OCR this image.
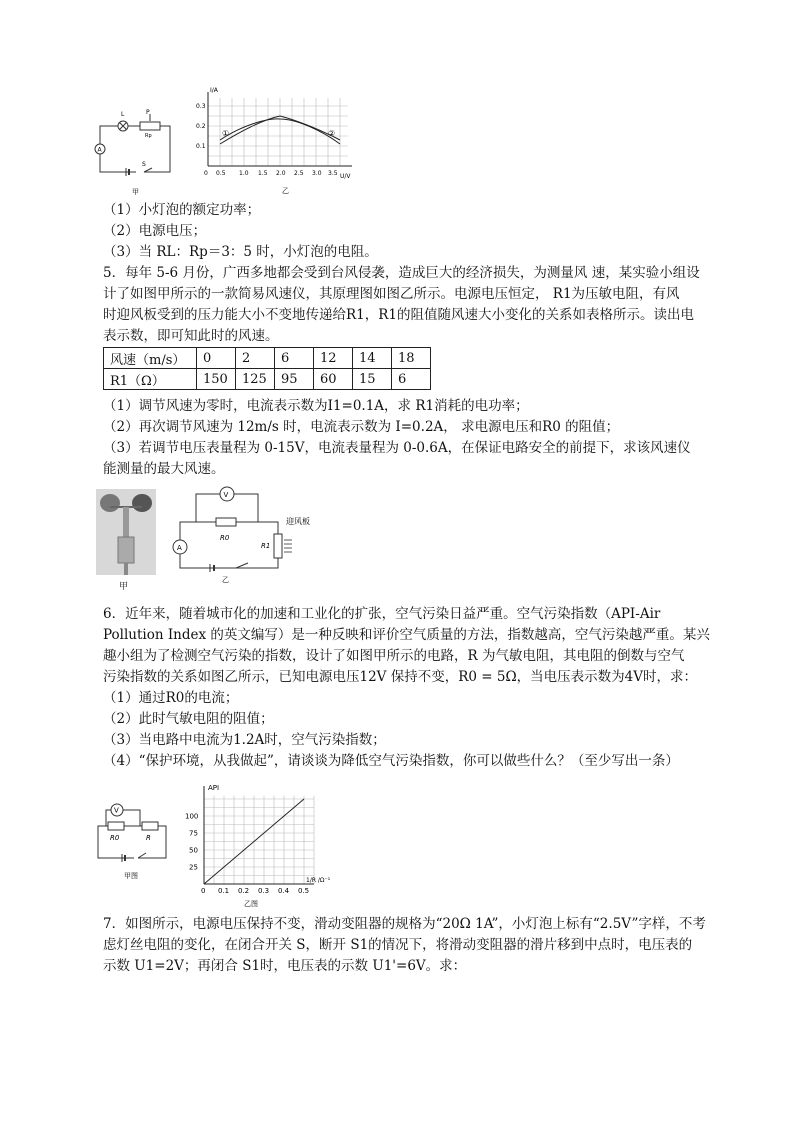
L	P
Rp
A
S
甲
I/A
U/V
0.3
0.2
0.1
0 0.5 1.0 1.5 2.0 2.5 3.0 3.5
①	②
乙
（1）小灯泡的额定功率；
（2）电源电压；
（3）当 RL：Rp＝3：5 时，小灯泡的电阻。
5．每年 5-6 月份，广西多地都会受到台风侵袭，造成巨大的经济损失，为测量风 速，某实验小组设
计了如图甲所示的一款简易风速仪，其原理图如图乙所示。电源电压恒定， R1为压敏电阻，有风
时迎风板受到的压力能大小不变地传递给R1，R1的阻值随风速大小变化的关系如表格所示。读出电
表示数，即可知此时的风速。
风速（m/s）	0	2	6	12	14	18
R1（Ω）	150	125	95	60	15	6
（1）调节风速为零时，电流表示数为I1=0.1A，求 R1消耗的电功率；
（2）再次调节风速为 12m/s 时，电流表示数为 I=0.2A， 求电源电压和R0 的阻值；
（3）若调节电压表量程为 0-15V，电流表量程为 0-0.6A，在保证电路安全的前提下，求该风速仪
能测量的最大风速。
甲
V
A
R0
R1
迎风板
乙
6．近年来，随着城市化的加速和工业化的扩张，空气污染日益严重。空气污染指数（API-Air
Pollution Index 的英文编写）是一种反映和评价空气质量的方法，指数越高，空气污染越严重。某兴
趣小组为了检测空气污染的指数，设计了如图甲所示的电路，R 为气敏电阻，其电阻的倒数与空气
污染指数的关系如图乙所示，已知电源电压12V 保持不变，R0 = 5Ω，当电压表示数为4V时，求：
（1）通过R0的电流；
（2）此时气敏电阻的阻值；
（3）当电路中电流为1.2A时，空气污染指数；
（4）“保护环境，从我做起”，请谈谈为降低空气污染指数，你可以做些什么？（至少写出一条）
V
R0	R
甲图
API
1/R /Ω⁻¹
100
75
50
25
0 0.1 0.2 0.3 0.4 0.5
乙图
7．如图所示，电源电压保持不变，滑动变阻器的规格为“20Ω 1A”，小灯泡上标有“2.5V”字样，不考
虑灯丝电阻的变化，在闭合开关 S，断开 S1的情况下，将滑动变阻器的滑片移到中点时，电压表的
示数 U1=2V；再闭合 S1时，电压表的示数 U1'=6V。求：
